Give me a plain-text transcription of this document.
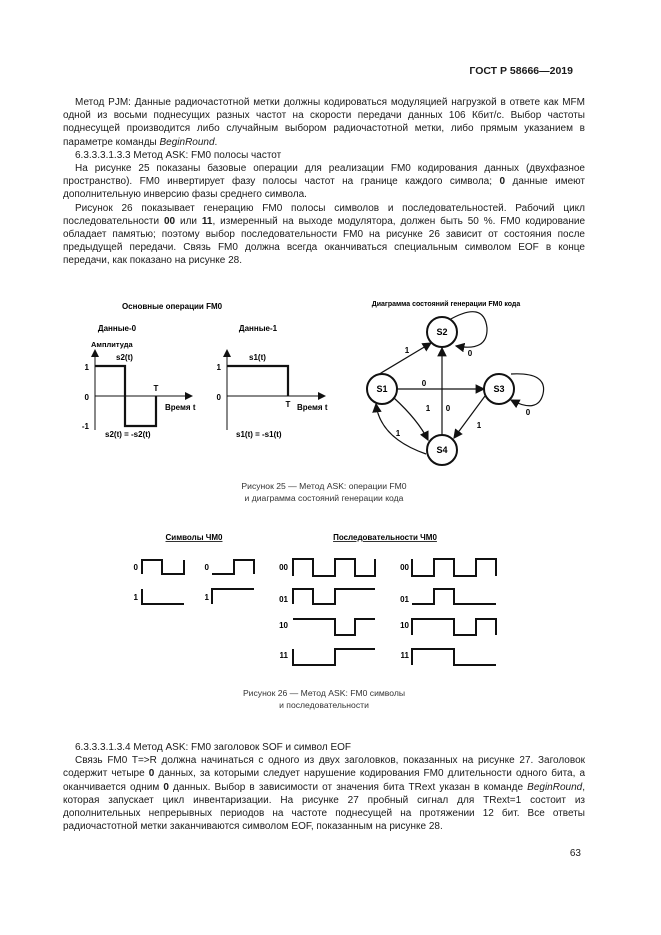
ГОСТ Р 58666—2019

Метод PJM: Данные радиочастотной метки должны кодироваться модуляцией нагрузкой в ответе как MFM одной из восьми поднесущих разных частот на скорости передачи данных 106 Кбит/с. Выбор частоты поднесущей производится либо случайным выбором радиочастотной метки, либо прямым указанием в параметре команды BeginRound.

6.3.3.3.1.3.3 Метод ASK: FM0 полосы частот

На рисунке 25 показаны базовые операции для реализации FM0 кодирования данных (двухфазное пространство). FM0 инвертирует фазу полосы частот на границе каждого символа; 0 данные имеют дополнительную инверсию фазы среднего символа.

Рисунок 26 показывает генерацию FM0 полосы символов и последовательностей. Рабочий цикл последовательности 00 или 11, измеренный на выходе модулятора, должен быть 50 %. FM0 кодирование обладает памятью; поэтому выбор последовательности FM0 на рисунке 26 зависит от состояния после предыдущей передачи. Связь FM0 должна всегда оканчиваться специальным символом EOF в конце передачи, как показано на рисунке 28.

Основные операции FM0
Данные-0	Данные-1
Амплитуда
1
0
-1
s2(t)
T
Время t
s2(t) = -s2(t)
1
0
s1(t)
T Время t
s1(t) = -s1(t)
Диаграмма состояний генерации FM0 кода
S2
S1	S3
S4
1
0
1
0
1
1
0
0
Рисунок 25 — Метод ASK: операции FM0
и диаграмма состояний генерации кода
Символы ЧМ0	Последовательности ЧМ0
0
1
0
1
00
01
10
11
00
01
10
11
Рисунок 26 — Метод ASK: FM0 символы
и последовательности

6.3.3.3.1.3.4 Метод ASK: FM0 заголовок SOF и символ EOF

Связь FM0 T=>R должна начинаться с одного из двух заголовков, показанных на рисунке 27. Заголовок содержит четыре 0 данных, за которыми следует нарушение кодирования FM0 длительности одного бита, а оканчивается одним 0 данных. Выбор в зависимости от значения бита TRext указан в команде BeginRound, которая запускает цикл инвентаризации. На рисунке 27 пробный сигнал для TRext=1 состоит из дополнительных непрерывных периодов на частоте поднесущей на протяжении 12 бит. Все ответы радиочастотной метки заканчиваются символом EOF, показанным на рисунке 28.

63
